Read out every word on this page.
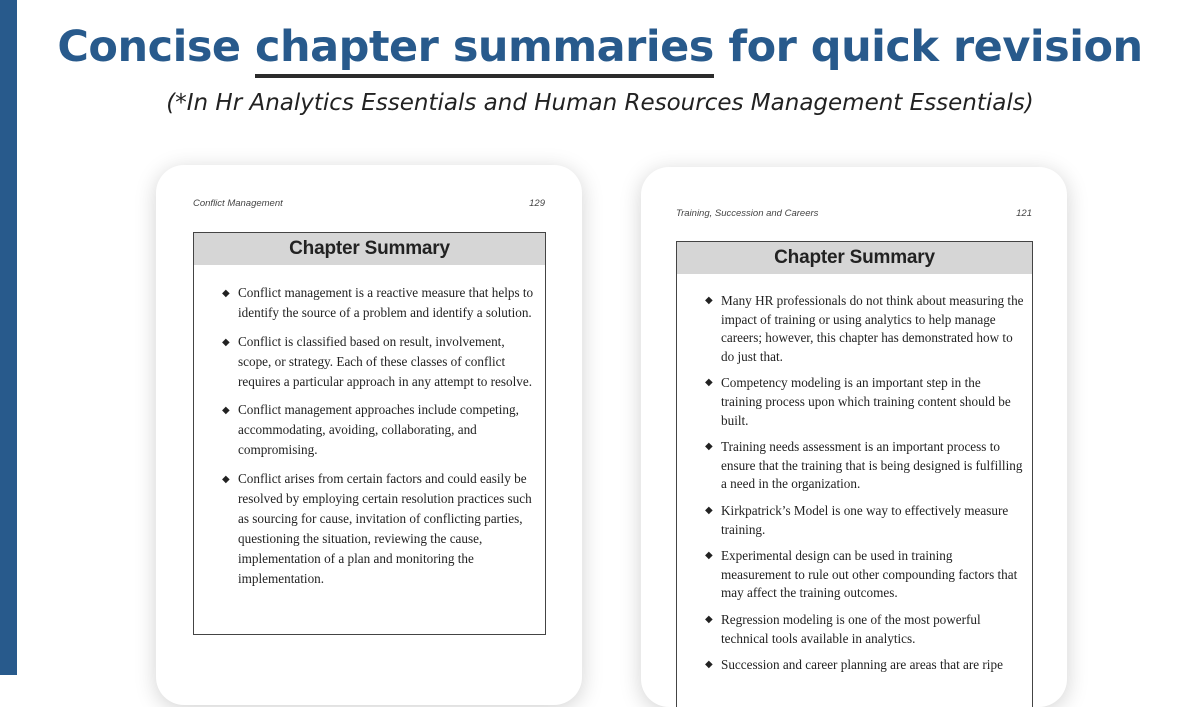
Concise chapter summaries for quick revision
(*In Hr Analytics Essentials and Human Resources Management Essentials)
Conflict Management	129
Chapter Summary
◆ Conflict management is a reactive measure that helps to identify the source of a problem and identify a solution.
◆ Conflict is classified based on result, involvement, scope, or strategy. Each of these classes of conflict requires a particular approach in any attempt to resolve.
◆ Conflict management approaches include competing, accommodating, avoiding, collaborating, and compromising.
◆ Conflict arises from certain factors and could easily be resolved by employing certain resolution practices such as sourcing for cause, invitation of conflicting parties, questioning the situation, reviewing the cause, implementation of a plan and monitoring the implementation.
Training, Succession and Careers	121
Chapter Summary
◆ Many HR professionals do not think about measuring the impact of training or using analytics to help manage careers; however, this chapter has demonstrated how to do just that.
◆ Competency modeling is an important step in the training process upon which training content should be built.
◆ Training needs assessment is an important process to ensure that the training that is being designed is fulfilling a need in the organization.
◆ Kirkpatrick’s Model is one way to effectively measure training.
◆ Experimental design can be used in training measurement to rule out other compounding factors that may affect the training outcomes.
◆ Regression modeling is one of the most powerful technical tools available in analytics.
◆ Succession and career planning are areas that are ripe
